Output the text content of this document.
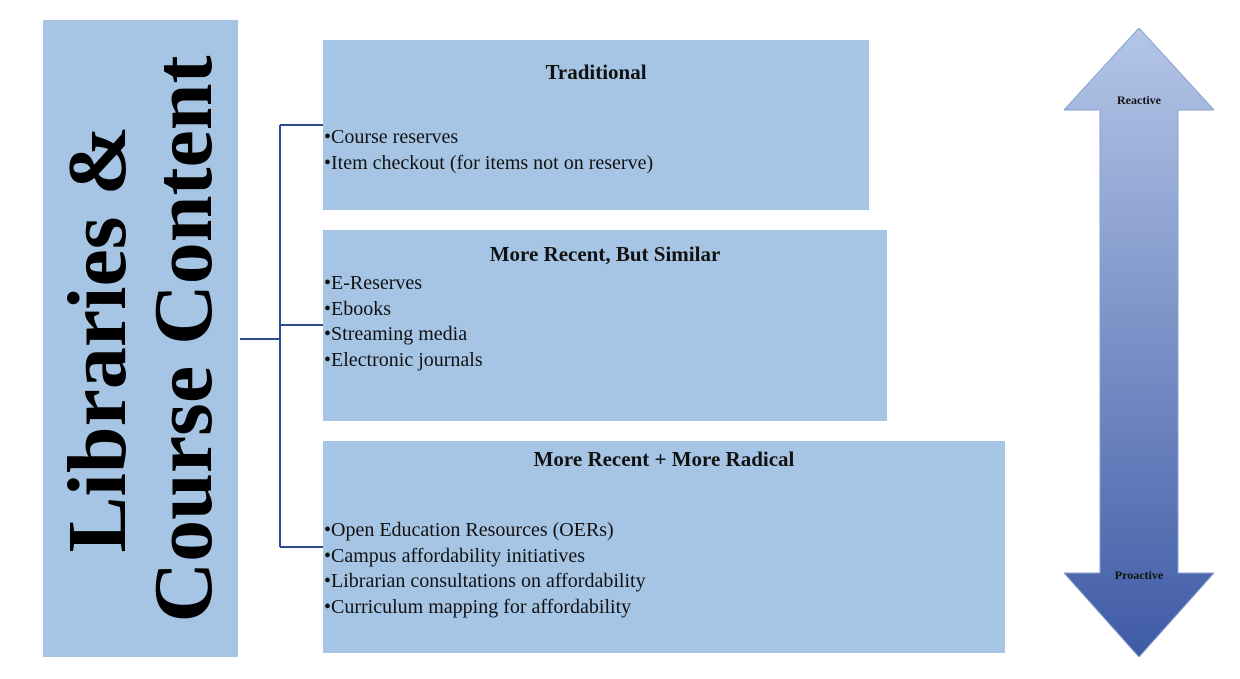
Libraries &
Course Content	Traditional
• Course reserves
• Item checkout (for items not on reserve)
More Recent, But Similar
• E-Reserves
• Ebooks
• Streaming media
• Electronic journals
More Recent + More Radical
• Open Education Resources (OERs)
• Campus affordability initiatives
• Librarian consultations on affordability
• Curriculum mapping for affordability
Reactive
Proactive
